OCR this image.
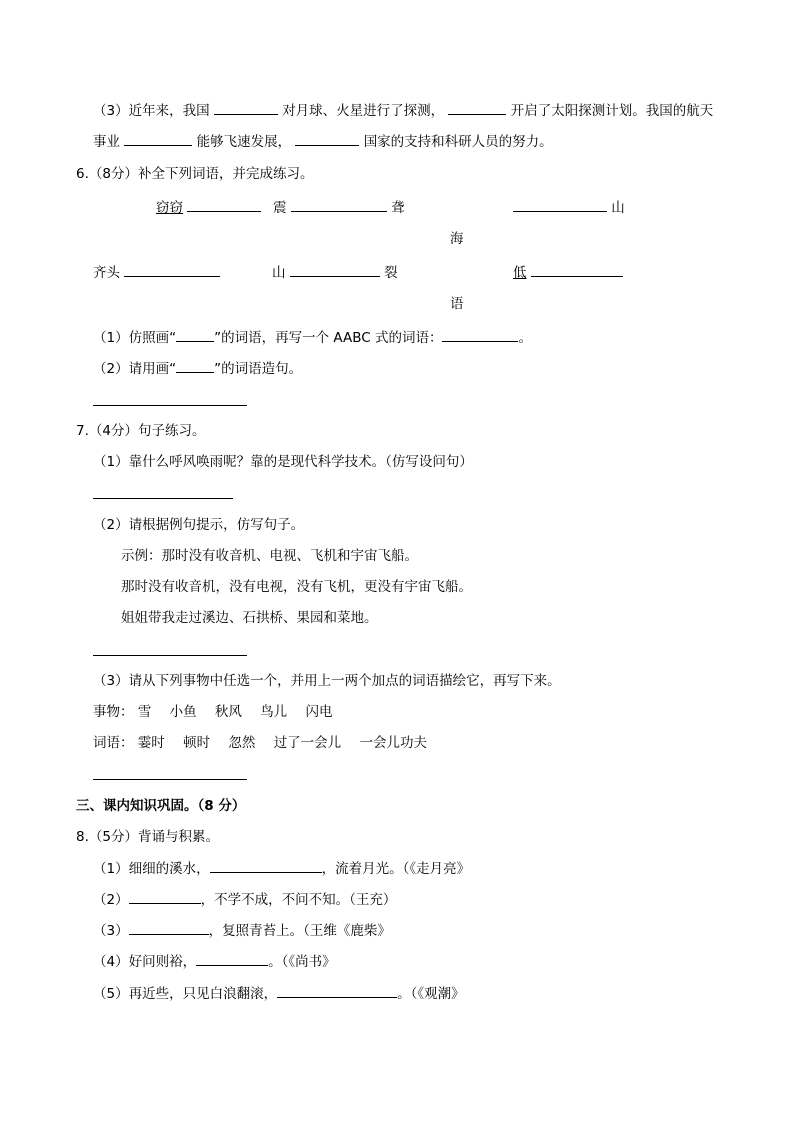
（3）近年来，我国	对月球、火星进行了探测，	开启了太阳探测计划。我国的航天
事业	能够飞速发展，	国家的支持和科研人员的努力。
6.（8分）补全下列词语，并完成练习。
窃窃	震	聋	山
海
齐头	山	裂	低
语
（1）仿照画“	”的词语，再写一个 AABC 式的词语：	。
（2）请用画“	”的词语造句。
7.（4分）句子练习。
（1）靠什么呼风唤雨呢？靠的是现代科学技术。（仿写设问句）
（2）请根据例句提示，仿写句子。
示例：那时没有收音机、电视、飞机和宇宙飞船。
那时没有收音机，没有电视，没有飞机，更没有宇宙飞船。
姐姐带我走过溪边、石拱桥、果园和菜地。
（3）请从下列事物中任选一个，并用上一两个加点的词语描绘它，再写下来。
事物： 雪 小鱼 秋风 鸟儿 闪电
词语： 霎时 顿时 忽然 过了一会儿 一会儿功夫
三、课内知识巩固。（8 分）
8.（5分）背诵与积累。
（1）细细的溪水，	，流着月光。（《走月亮》
（2）	，不学不成，不问不知。（王充）
（3）	，复照青苔上。（王维《鹿柴》
（4）好问则裕，	。（《尚书》
（5）再近些，只见白浪翻滚，	。（《观潮》
